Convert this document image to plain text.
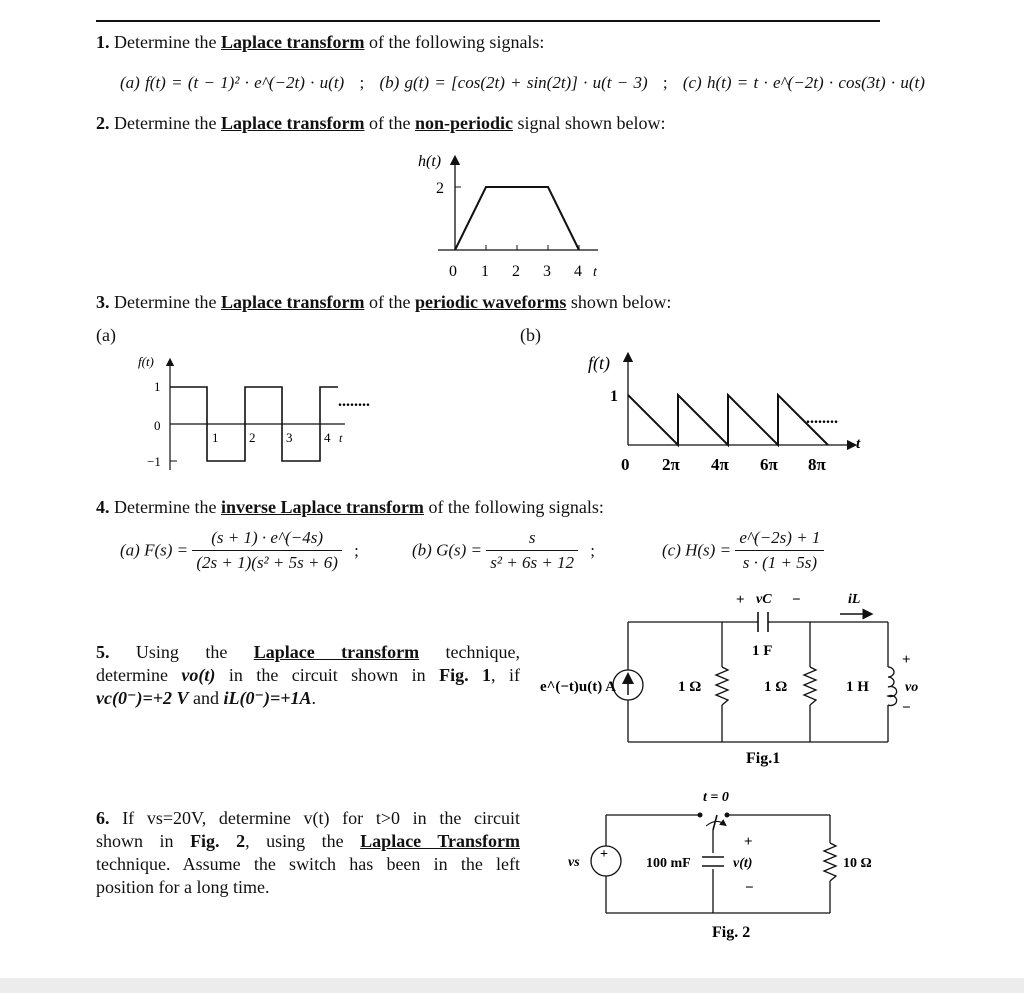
1. Determine the Laplace transform of the following signals:
(a) f(t) = (t − 1)² · e^(−2t) · u(t) ; (b) g(t) = [cos(2t) + sin(2t)] · u(t − 3) ; (c) h(t) = t · e^(−2t) · cos(3t) · u(t)
2. Determine the Laplace transform of the non-periodic signal shown below:
h(t)
2
0 1 2 3 4 t
3. Determine the Laplace transform of the periodic waveforms shown below:
(a)	(b)
f(t)
1
0
−1
1 2 3 4 t
........
f(t)
1
0 2π 4π 6π 8π
t
........
4. Determine the inverse Laplace transform of the following signals:
(a) $F(s) = \frac{(s + 1) \cdot e\^{}(-4s)}{\text{(2s + 1)(s² + 5s + 6)}}$ ;	(b) $G(s) = \frac{s}{\text{s² + 6s + 12}}$ ;	(c) $H(s) = \frac{e\^{}(-2s) + 1}{s \cdot (1 + 5s)}$
5. Using the Laplace transform technique,
determine vo(t) in the circuit shown in Fig. 1, if
vc(0⁻)=+2 V and iL(0⁻)=+1A.
e^(−t)u(t) A	1 Ω	1 Ω
1 F
1 H
+ vC −	iL
+
vo
−
Fig.1
6. If vs=20V, determine v(t) for t>0 in the circuit
shown in Fig. 2, using the Laplace Transform
technique. Assume the switch has been in the left
position for a long time.
t = 0
+
vs	100 mF
+
v(t)
−
10 Ω
Fig. 2
